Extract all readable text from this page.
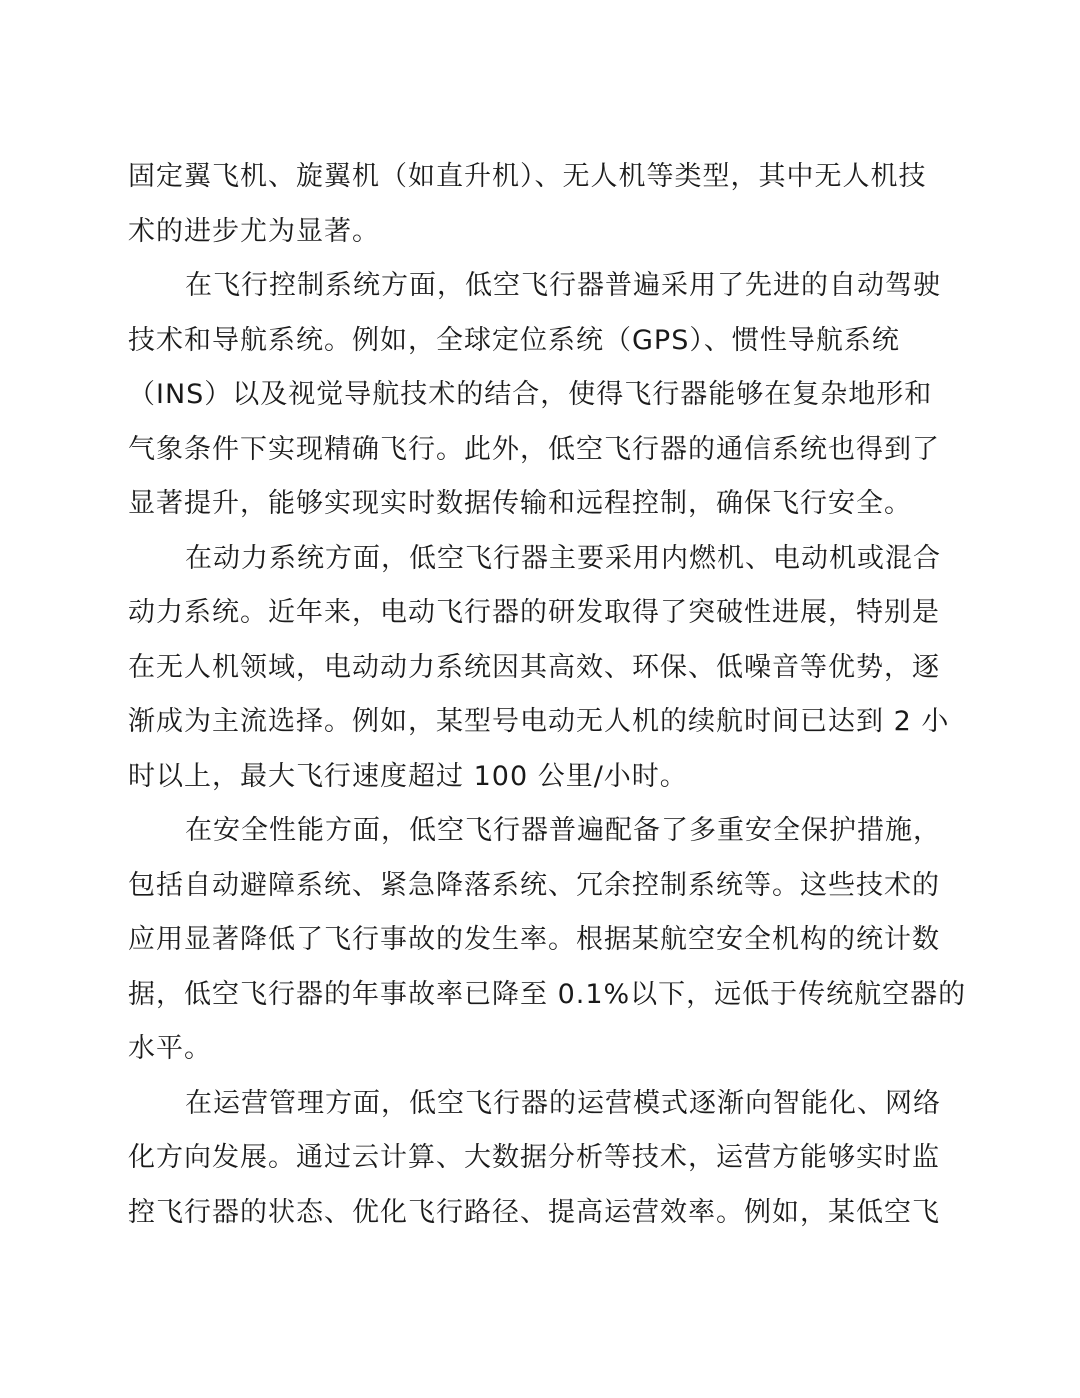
固定翼飞机、旋翼机（如直升机）、无人机等类型，其中无人机技
术的进步尤为显著。
在飞行控制系统方面，低空飞行器普遍采用了先进的自动驾驶
技术和导航系统。例如，全球定位系统（GPS）、惯性导航系统
（INS）以及视觉导航技术的结合，使得飞行器能够在复杂地形和
气象条件下实现精确飞行。此外，低空飞行器的通信系统也得到了
显著提升，能够实现实时数据传输和远程控制，确保飞行安全。
在动力系统方面，低空飞行器主要采用内燃机、电动机或混合
动力系统。近年来，电动飞行器的研发取得了突破性进展，特别是
在无人机领域，电动动力系统因其高效、环保、低噪音等优势，逐
渐成为主流选择。例如，某型号电动无人机的续航时间已达到 2 小
时以上，最大飞行速度超过 100 公里/小时。
在安全性能方面，低空飞行器普遍配备了多重安全保护措施，
包括自动避障系统、紧急降落系统、冗余控制系统等。这些技术的
应用显著降低了飞行事故的发生率。根据某航空安全机构的统计数
据，低空飞行器的年事故率已降至 0.1%以下，远低于传统航空器的
水平。
在运营管理方面，低空飞行器的运营模式逐渐向智能化、网络
化方向发展。通过云计算、大数据分析等技术，运营方能够实时监
控飞行器的状态、优化飞行路径、提高运营效率。例如，某低空飞
